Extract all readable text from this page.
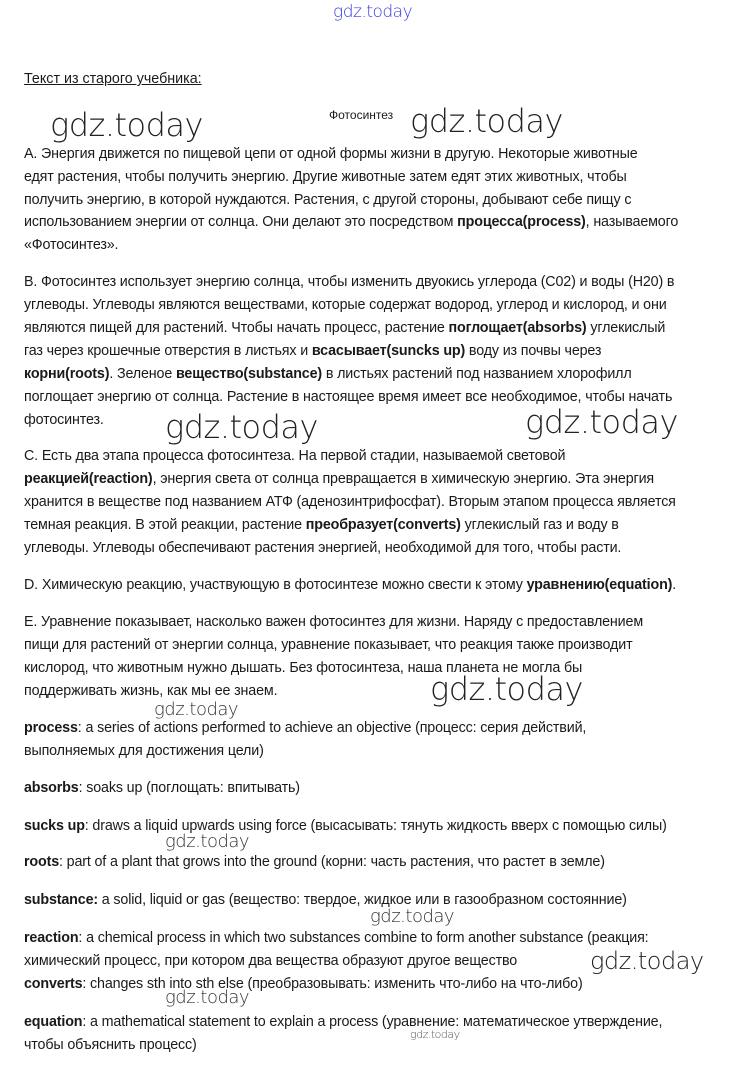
gdz.today
Текст из старого учебника:
Фотосинтез
А. Энергия движется по пищевой цепи от одной формы жизни в другую. Некоторые животные
едят растения, чтобы получить энергию. Другие животные затем едят этих животных, чтобы
получить энергию, в которой нуждаются. Растения, с другой стороны, добывают себе пищу с
использованием энергии от солнца. Они делают это посредством процесса(process), называемого
«Фотосинтез».
B. Фотосинтез использует энергию солнца, чтобы изменить двуокись углерода (С02) и воды (Н20) в
углеводы. Углеводы являются веществами, которые содержат водород, углерод и кислород, и они
являются пищей для растений. Чтобы начать процесс, растение поглощает(absorbs) углекислый
газ через крошечные отверстия в листьях и всасывает(suncks up) воду из почвы через
корни(roots). Зеленое вещество(substance) в листьях растений под названием хлорофилл
поглощает энергию от солнца. Растение в настоящее время имеет все необходимое, чтобы начать
фотосинтез.
C. Есть два этапа процесса фотосинтеза. На первой стадии, называемой световой
реакцией(reaction), энергия света от солнца превращается в химическую энергию. Эта энергия
хранится в веществе под названием АТФ (аденозинтрифосфат). Вторым этапом процесса является
темная реакция. В этой реакции, растение преобразует(converts) углекислый газ и воду в
углеводы. Углеводы обеспечивают растения энергией, необходимой для того, чтобы расти.
D. Химическую реакцию, участвующую в фотосинтезе можно свести к этому уравнению(equation).
E. Уравнение показывает, насколько важен фотосинтез для жизни. Наряду с предоставлением
пищи для растений от энергии солнца, уравнение показывает, что реакция также производит
кислород, что животным нужно дышать. Без фотосинтеза, наша планета не могла бы
поддерживать жизнь, как мы ее знаем.
process: a series of actions performed to achieve an objective (процесс: серия действий,
выполняемых для достижения цели)
absorbs: soaks up (поглощать: впитывать)
sucks up: draws a liquid upwards using force (высасывать: тянуть жидкость вверх с помощью силы)
roots: part of a plant that grows into the ground (корни: часть растения, что растет в земле)
substance: a solid, liquid or gas (вещество: твердое, жидкое или в газообразном состоянние)
reaction: a chemical process in which two substances combine to form another substance (реакция:
химический процесс, при котором два вещества образуют другое вещество
converts: changes sth into sth else (преобразовывать: изменить что-либо на что-либо)
equation: a mathematical statement to explain a process (уравнение: математическое утверждение,
чтобы объяснить процесс)
gdz.today	gdz.today
gdz.today	gdz.today
gdz.today
gdz.today
gdz.today
gdz.today
gdz.today
gdz.today
gdz.today
